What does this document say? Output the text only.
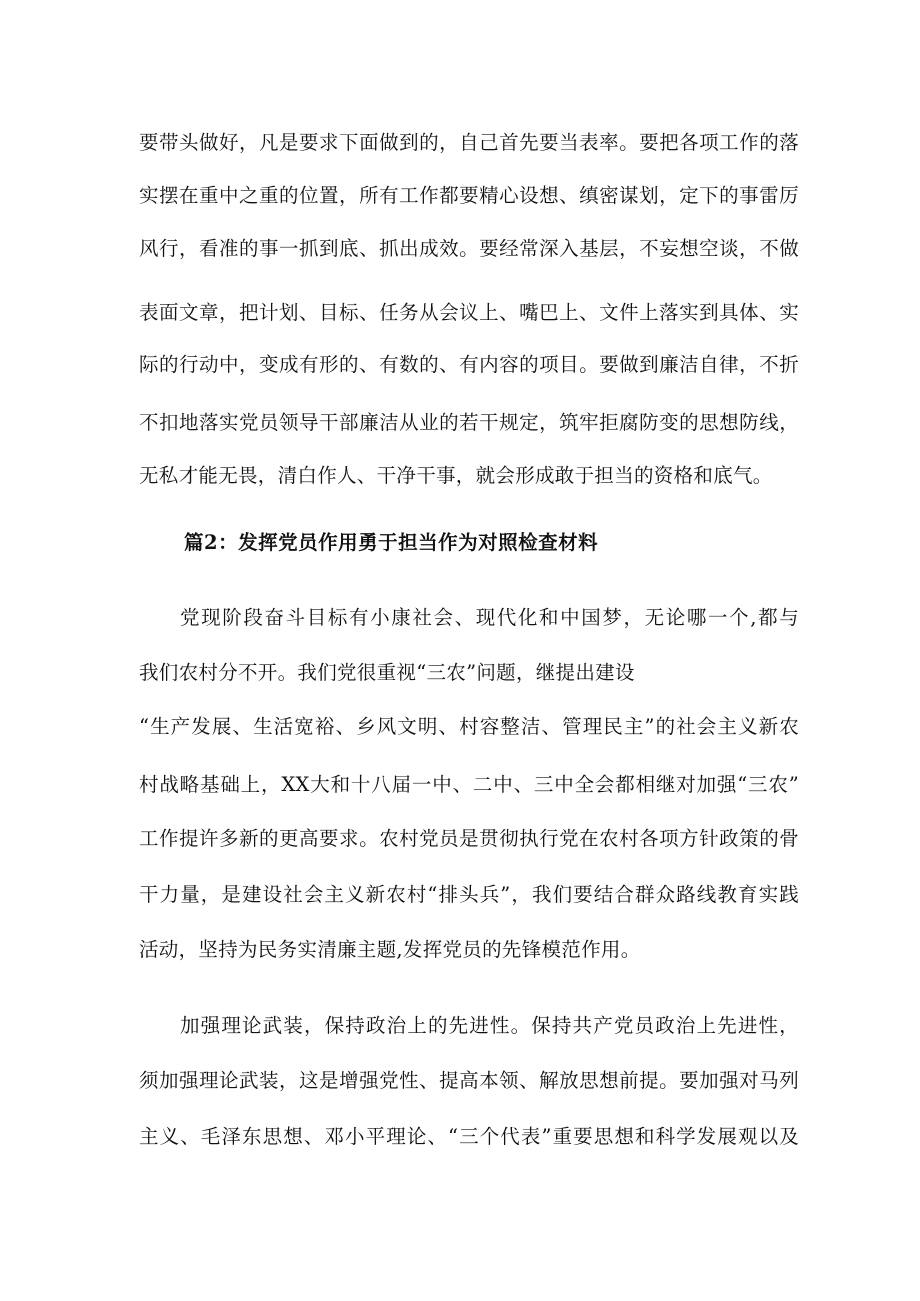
要带头做好，凡是要求下面做到的，自己首先要当表率。要把各项工作的落
实摆在重中之重的位置，所有工作都要精心设想、缜密谋划，定下的事雷厉
风行，看准的事一抓到底、抓出成效。要经常深入基层，不妄想空谈，不做
表面文章，把计划、目标、任务从会议上、嘴巴上、文件上落实到具体、实
际的行动中，变成有形的、有数的、有内容的项目。要做到廉洁自律，不折
不扣地落实党员领导干部廉洁从业的若干规定，筑牢拒腐防变的思想防线，
无私才能无畏，清白作人、干净干事，就会形成敢于担当的资格和底气。
篇2：发挥党员作用勇于担当作为对照检查材料
党现阶段奋斗目标有小康社会、现代化和中国梦，无论哪一个,都与
我们农村分不开。我们党很重视“三农”问题，继提出建设
“生产发展、生活宽裕、乡风文明、村容整洁、管理民主”的社会主义新农
村战略基础上，XX大和十八届一中、二中、三中全会都相继对加强“三农”
工作提许多新的更高要求。农村党员是贯彻执行党在农村各项方针政策的骨
干力量，是建设社会主义新农村“排头兵”，我们要结合群众路线教育实践
活动，坚持为民务实清廉主题,发挥党员的先锋模范作用。
加强理论武装，保持政治上的先进性。保持共产党员政治上先进性，
须加强理论武装，这是增强党性、提高本领、解放思想前提。要加强对马列
主义、毛泽东思想、邓小平理论、“三个代表”重要思想和科学发展观以及
